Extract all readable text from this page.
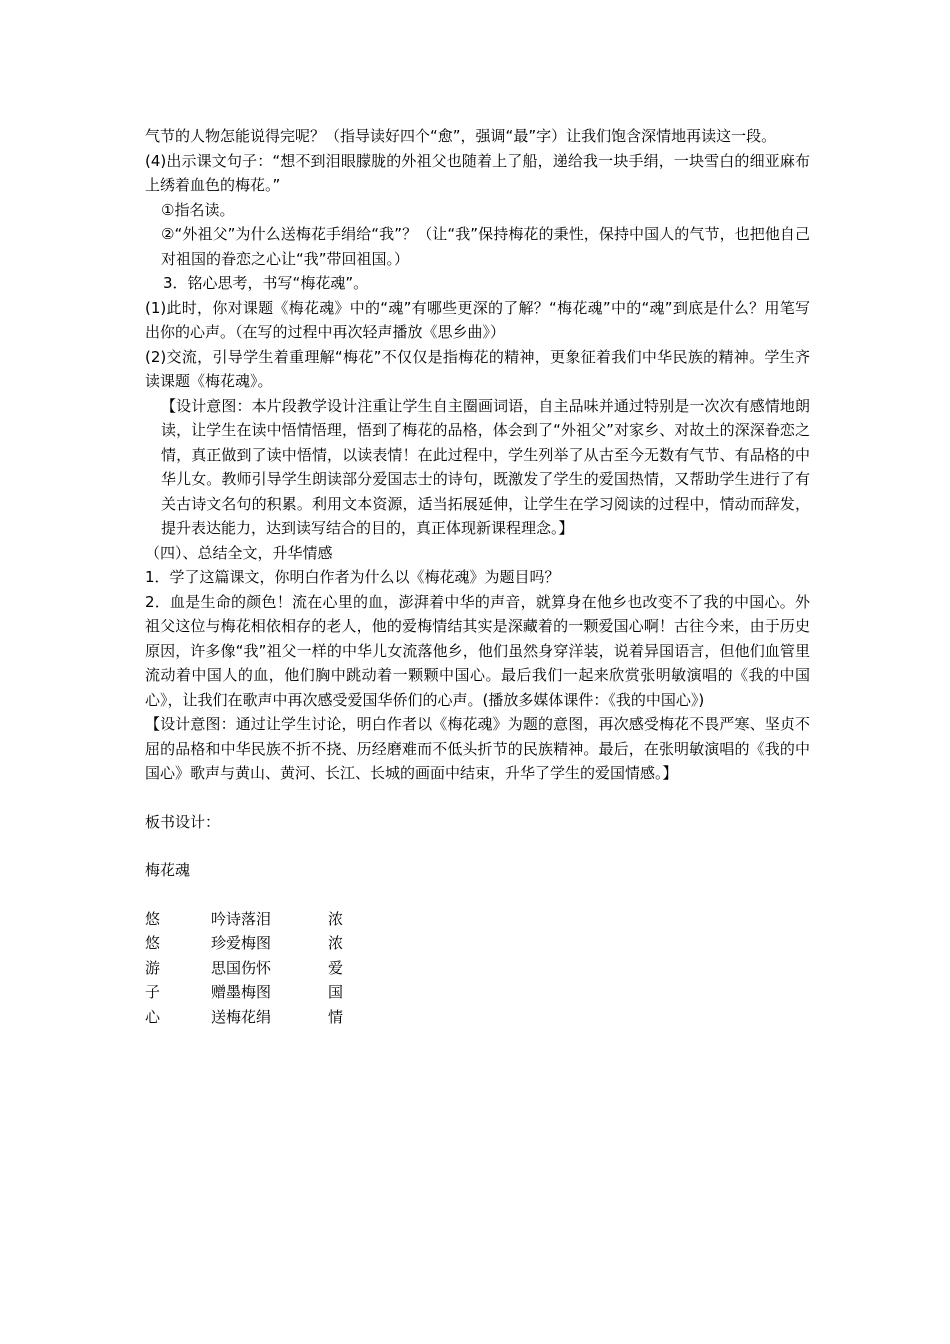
气节的人物怎能说得完呢？（指导读好四个“愈”，强调“最”字）让我们饱含深情地再读这一段。

(4)出示课文句子：“想不到泪眼朦胧的外祖父也随着上了船，递给我一块手绢，一块雪白的细亚麻布上绣着血色的梅花。”

①指名读。

②“外祖父”为什么送梅花手绢给“我”？（让“我”保持梅花的秉性，保持中国人的气节，也把他自己对祖国的眷恋之心让“我”带回祖国。）

3．铭心思考，书写“梅花魂”。

(1)此时，你对课题《梅花魂》中的“魂”有哪些更深的了解？“梅花魂”中的“魂”到底是什么？用笔写出你的心声。（在写的过程中再次轻声播放《思乡曲》）

(2)交流，引导学生着重理解“梅花”不仅仅是指梅花的精神，更象征着我们中华民族的精神。学生齐读课题《梅花魂》。

【设计意图：本片段教学设计注重让学生自主圈画词语，自主品味并通过特别是一次次有感情地朗读，让学生在读中悟情悟理，悟到了梅花的品格，体会到了“外祖父”对家乡、对故土的深深眷恋之情，真正做到了读中悟情，以读表情！在此过程中，学生列举了从古至今无数有气节、有品格的中华儿女。教师引导学生朗读部分爱国志士的诗句，既激发了学生的爱国热情，又帮助学生进行了有关古诗文名句的积累。利用文本资源，适当拓展延伸，让学生在学习阅读的过程中，情动而辞发，提升表达能力，达到读写结合的目的，真正体现新课程理念。】

（四）、总结全文，升华情感

1．学了这篇课文，你明白作者为什么以《梅花魂》为题目吗？

2．血是生命的颜色！流在心里的血，澎湃着中华的声音，就算身在他乡也改变不了我的中国心。外祖父这位与梅花相依相存的老人，他的爱梅情结其实是深藏着的一颗爱国心啊！古往今来，由于历史原因，许多像“我”祖父一样的中华儿女流落他乡，他们虽然身穿洋装，说着异国语言，但他们血管里流动着中国人的血，他们胸中跳动着一颗颗中国心。最后我们一起来欣赏张明敏演唱的《我的中国心》，让我们在歌声中再次感受爱国华侨们的心声。(播放多媒体课件：《我的中国心》)

【设计意图：通过让学生讨论，明白作者以《梅花魂》为题的意图，再次感受梅花不畏严寒、坚贞不屈的品格和中华民族不折不挠、历经磨难而不低头折节的民族精神。最后，在张明敏演唱的《我的中国心》歌声与黄山、黄河、长江、长城的画面中结束，升华了学生的爱国情感。】

板书设计：

梅花魂

悠	吟诗落泪	浓
悠	珍爱梅图	浓
游	思国伤怀	爱
子	赠墨梅图	国
心	送梅花绢	情
